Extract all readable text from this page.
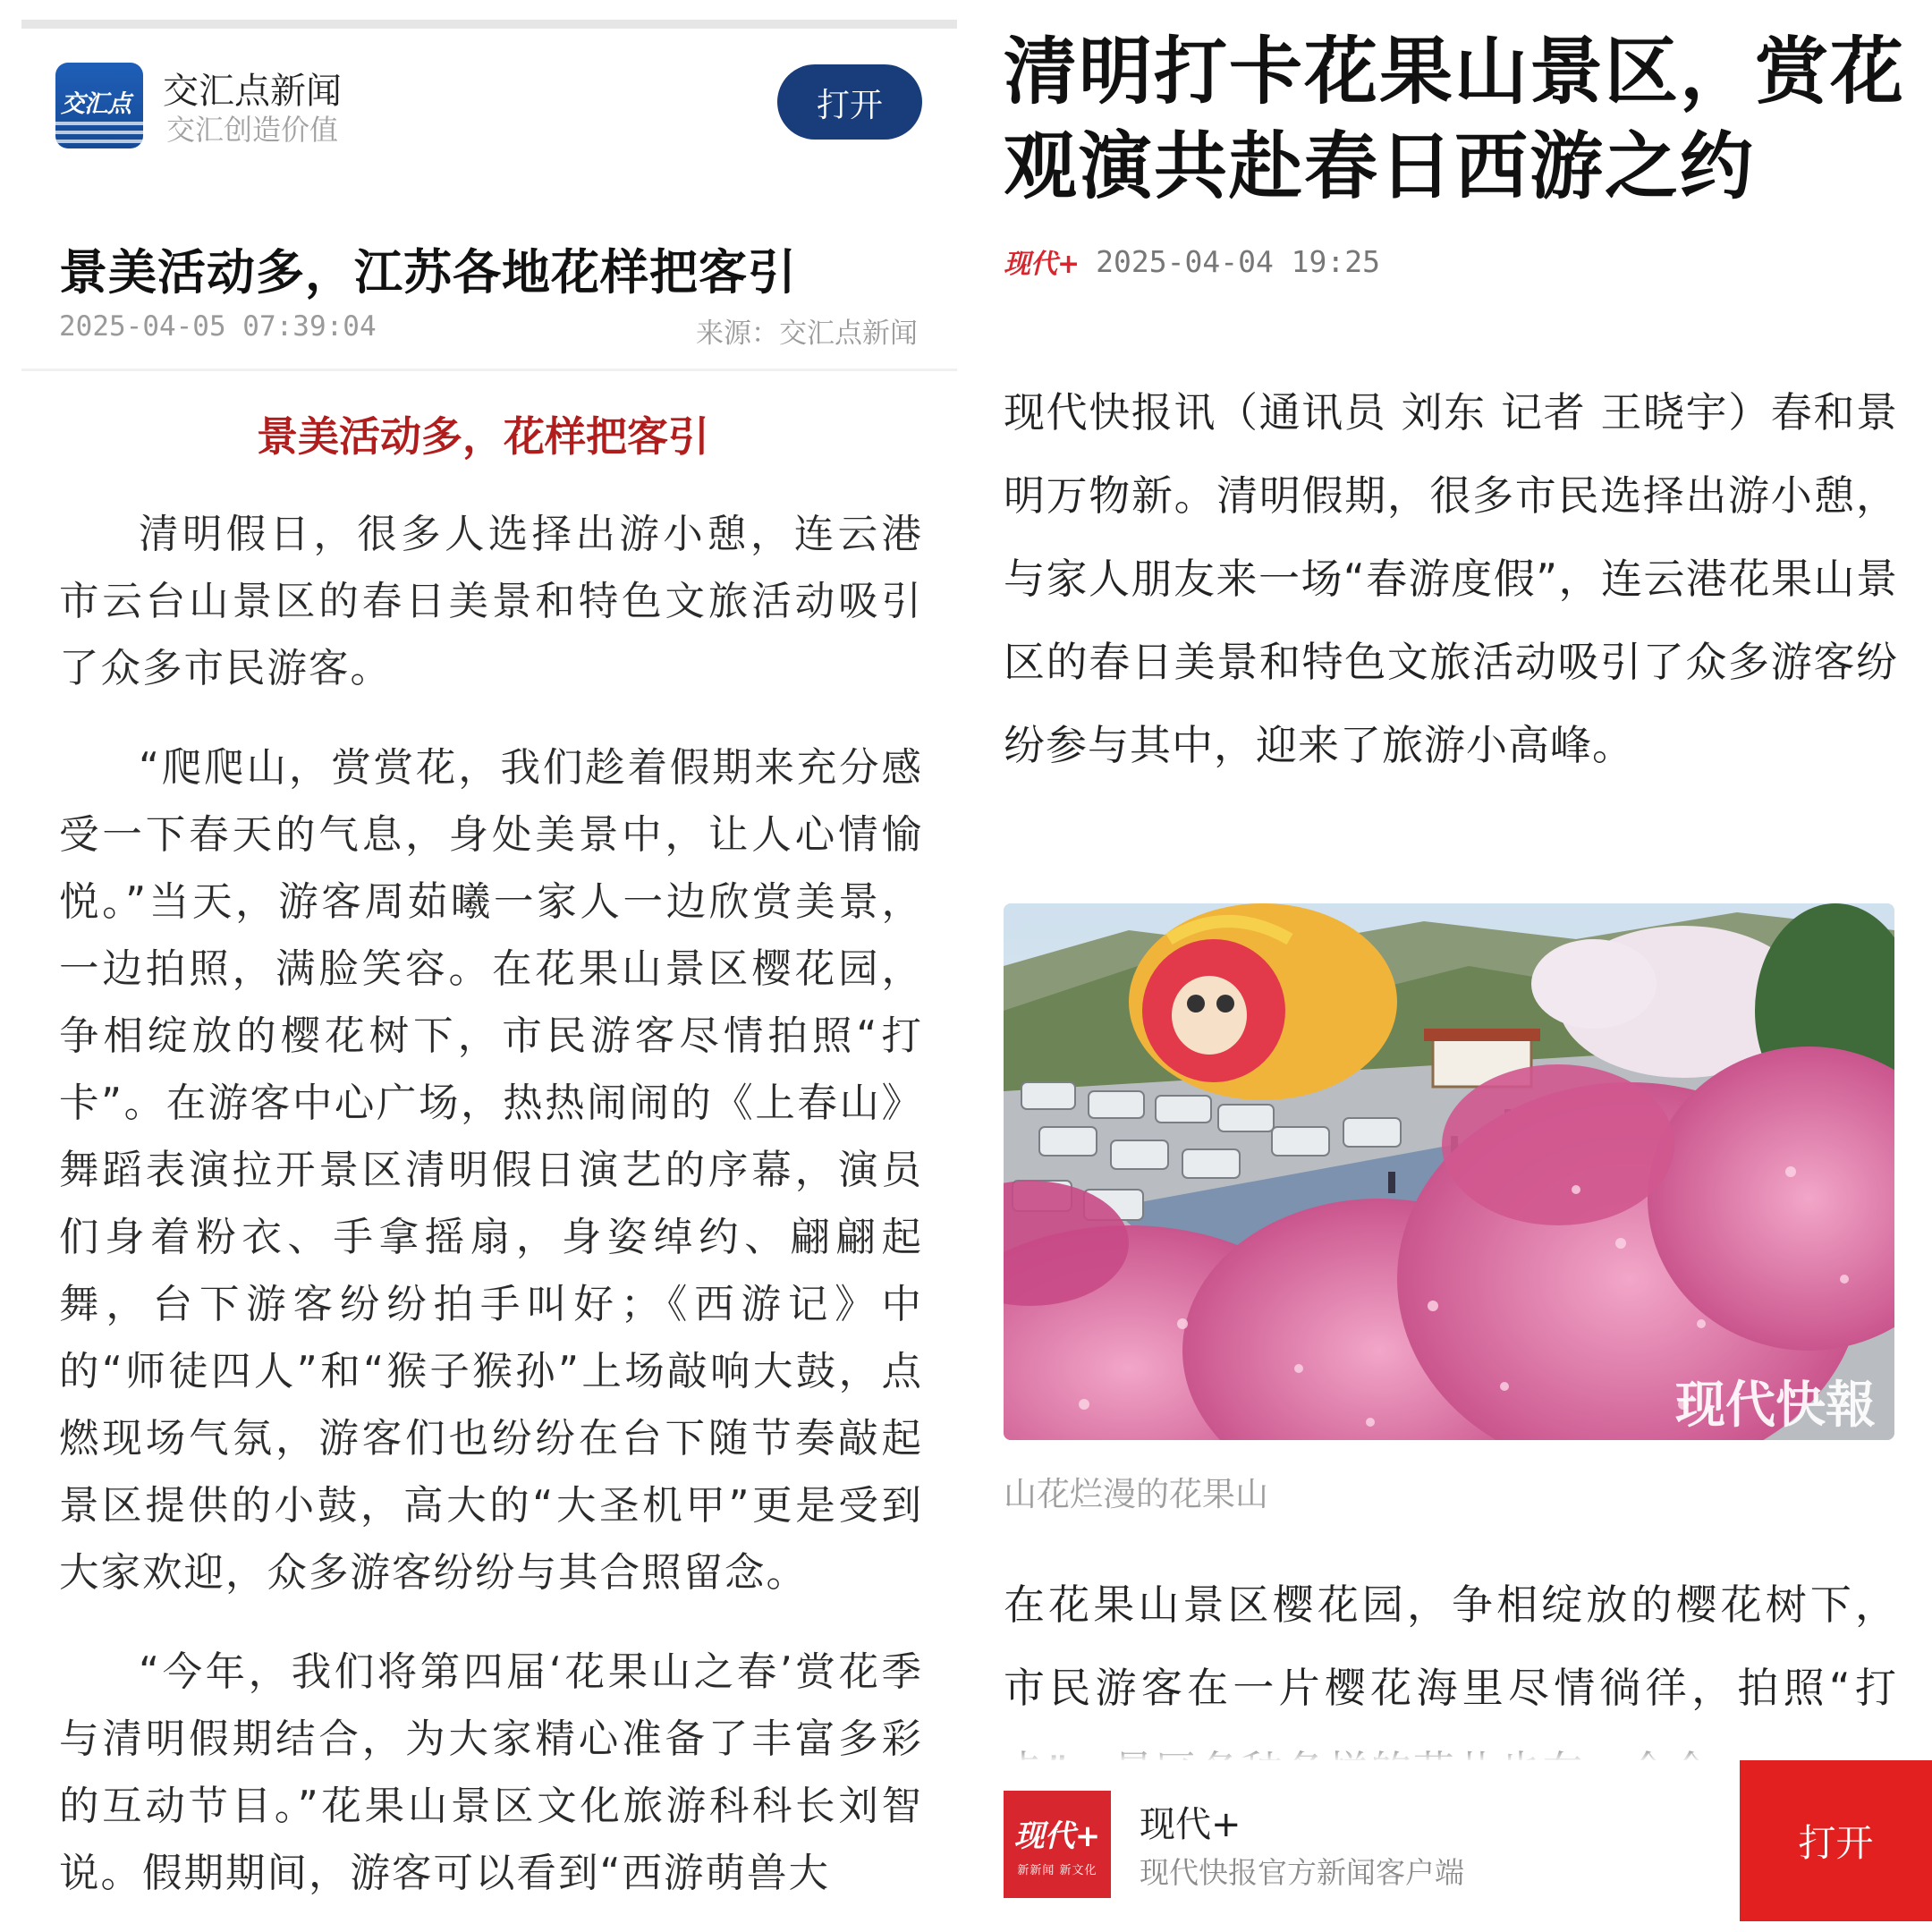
交汇点 交汇点新闻
交汇创造价值
打开
景美活动多，江苏各地花样把客引
2025-04-05 07:39:04	来源：交汇点新闻
景美活动多，花样把客引

清明假日，很多人选择出游小憩，连云港市云台山景区的春日美景和特色文旅活动吸引了众多市民游客。

“爬爬山，赏赏花，我们趁着假期来充分感受一下春天的气息，身处美景中，让人心情愉悦。”当天，游客周茹曦一家人一边欣赏美景，一边拍照，满脸笑容。在花果山景区樱花园，争相绽放的樱花树下，市民游客尽情拍照“打卡”。在游客中心广场，热热闹闹的《上春山》舞蹈表演拉开景区清明假日演艺的序幕，演员们身着粉衣、手拿摇扇，身姿绰约、翩翩起舞，台下游客纷纷拍手叫好；《西游记》中的“师徒四人”和“猴子猴孙”上场敲响大鼓，点燃现场气氛，游客们也纷纷在台下随节奏敲起景区提供的小鼓，高大的“大圣机甲”更是受到大家欢迎，众多游客纷纷与其合照留念。

“今年，我们将第四届‘花果山之春’赏花季与清明假期结合，为大家精心准备了丰富多彩的互动节目。”花果山景区文化旅游科科长刘智说。假期期间，游客可以看到“西游萌兽大

清明打卡花果山景区，赏花观演共赴春日西游之约
现代+ 2025-04-04 19:25
现代快报讯（通讯员 刘东 记者 王晓宇）春和景明万物新。清明假期，很多市民选择出游小憩，与家人朋友来一场“春游度假”，连云港花果山景区的春日美景和特色文旅活动吸引了众多游客纷纷参与其中，迎来了旅游小高峰。
现代快報
山花烂漫的花果山
在花果山景区樱花园，争相绽放的樱花树下，市民游客在一片樱花海里尽情徜徉，拍照“打
现代+
新新闻 新文化
现代+
现代快报官方新闻客户端
打开
